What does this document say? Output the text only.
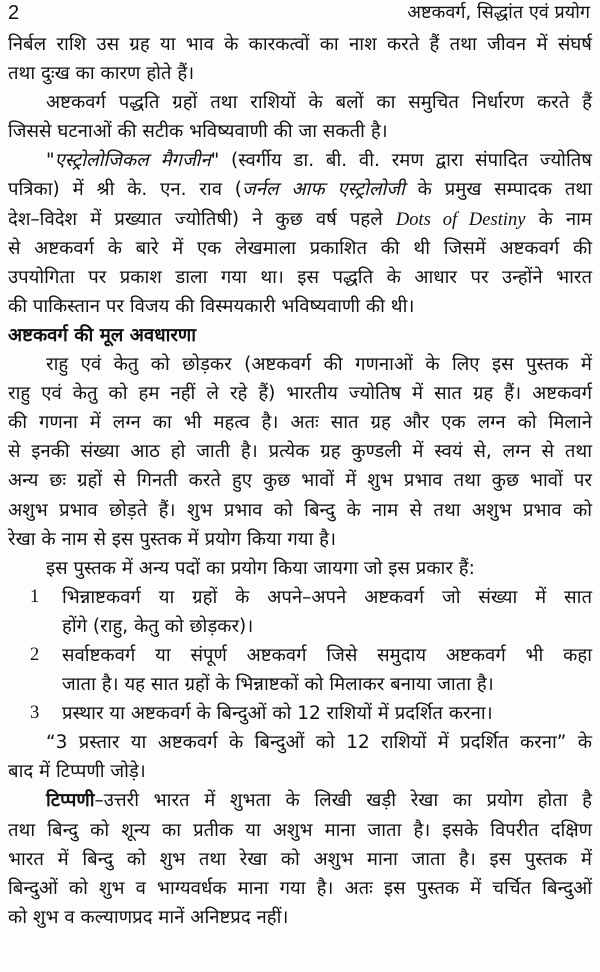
2	अष्टकवर्ग, सिद्धांत एवं प्रयोग
निर्बल राशि उस ग्रह या भाव के कारकत्वों का नाश करते हैं तथा जीवन में संघर्ष
तथा दुःख का कारण होते हैं।
अष्टकवर्ग पद्धति ग्रहों तथा राशियों के बलों का समुचित निर्धारण करते हैं
जिससे घटनाओं की सटीक भविष्यवाणी की जा सकती है।
"एस्ट्रोलोजिकल मैगजीन" (स्वर्गीय डा. बी. वी. रमण द्वारा संपादित ज्योतिष
पत्रिका) में श्री के. एन. राव (जर्नल आफ एस्ट्रोलोजी के प्रमुख सम्पादक तथा
देश–विदेश में प्रख्यात ज्योतिषी) ने कुछ वर्ष पहले Dots of Destiny के नाम
से अष्टकवर्ग के बारे में एक लेखमाला प्रकाशित की थी जिसमें अष्टकवर्ग की
उपयोगिता पर प्रकाश डाला गया था। इस पद्धति के आधार पर उन्होंने भारत
की पाकिस्तान पर विजय की विस्मयकारी भविष्यवाणी की थी।
अष्टकवर्ग की मूल अवधारणा
राहु एवं केतु को छोड़कर (अष्टकवर्ग की गणनाओं के लिए इस पुस्तक में
राहु एवं केतु को हम नहीं ले रहे हैं) भारतीय ज्योतिष में सात ग्रह हैं। अष्टकवर्ग
की गणना में लग्न का भी महत्व है। अतः सात ग्रह और एक लग्न को मिलाने
से इनकी संख्या आठ हो जाती है। प्रत्येक ग्रह कुण्डली में स्वयं से, लग्न से तथा
अन्य छः ग्रहों से गिनती करते हुए कुछ भावों में शुभ प्रभाव तथा कुछ भावों पर
अशुभ प्रभाव छोड़ते हैं। शुभ प्रभाव को बिन्दु के नाम से तथा अशुभ प्रभाव को
रेखा के नाम से इस पुस्तक में प्रयोग किया गया है।
इस पुस्तक में अन्य पदों का प्रयोग किया जायगा जो इस प्रकार हैं:
1 भिन्नाष्टकवर्ग या ग्रहों के अपने–अपने अष्टकवर्ग जो संख्या में सात
होंगे (राहु, केतु को छोड़कर)।
2 सर्वाष्टकवर्ग या संपूर्ण अष्टकवर्ग जिसे समुदाय अष्टकवर्ग भी कहा
जाता है। यह सात ग्रहों के भिन्नाष्टकों को मिलाकर बनाया जाता है।
3 प्रस्थार या अष्टकवर्ग के बिन्दुओं को 12 राशियों में प्रदर्शित करना।
“3 प्रस्तार या अष्टकवर्ग के बिन्दुओं को 12 राशियों में प्रदर्शित करना” के
बाद में टिप्पणी जोड़े।
टिप्पणी–उत्तरी भारत में शुभता के लिखी खड़ी रेखा का प्रयोग होता है
तथा बिन्दु को शून्य का प्रतीक या अशुभ माना जाता है। इसके विपरीत दक्षिण
भारत में बिन्दु को शुभ तथा रेखा को अशुभ माना जाता है। इस पुस्तक में
बिन्दुओं को शुभ व भाग्यवर्धक माना गया है। अतः इस पुस्तक में चर्चित बिन्दुओं
को शुभ व कल्याणप्रद मानें अनिष्टप्रद नहीं।
